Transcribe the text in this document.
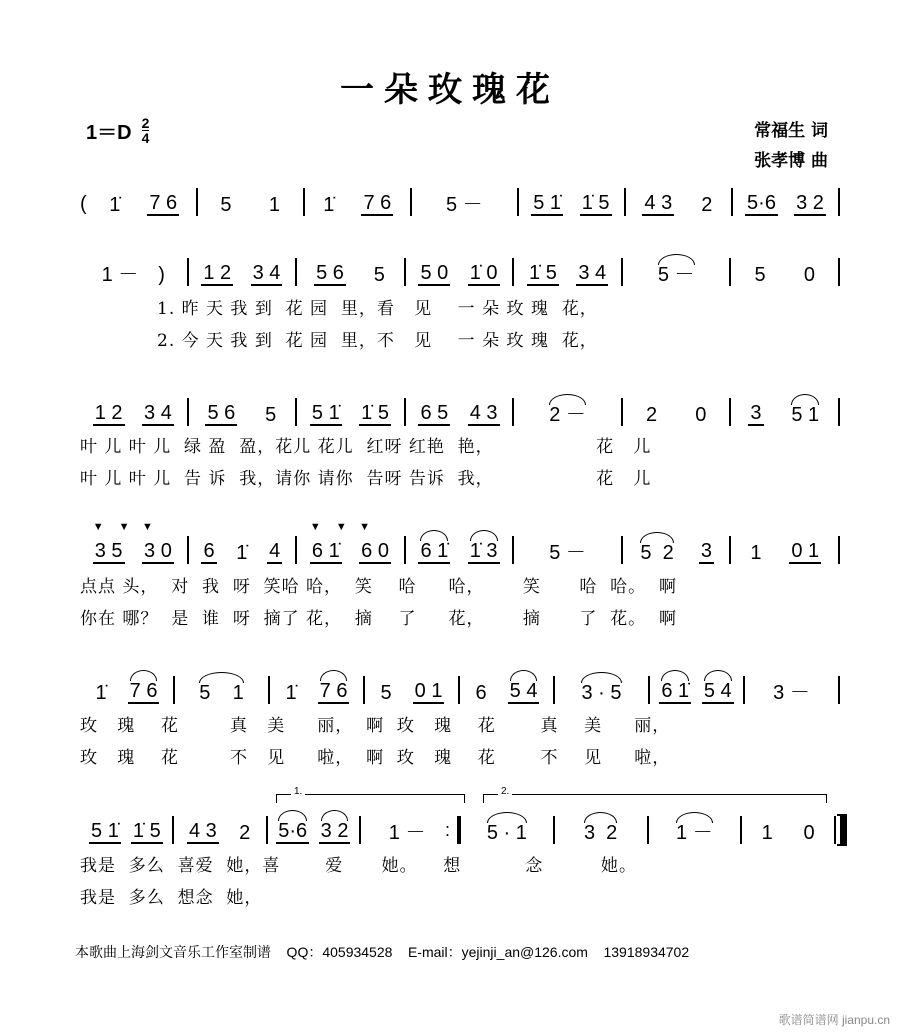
一朵玫瑰花
$1=D \frac{2}{4}$	常福生 词
张孝博 曲
( 1̇ 7 6 5 1 1̇ 7 6	5 －	5 1̇ 1̇ 5 4 3 2 5·6 3 2
1 －　) 1 2 3 4 5 6 5 5 0 1̇ 0 1̇ 5 3 4	5 －	5 0
1 2 3 4 5 6 5 5 1̇ 1̇ 5 6 5 4 3	2 －	2 0 3 5 1
3 5
▼ ▼
3 0
▼
6 1̇ 4 6 1̇
▼ ▼
6 0
▼
6 1̇ 1̇ 3	5 －	5  2 3 1 0 1
1̇ 7 6 5    1 1̇ 7 6 5 0 1 6 5 4 3 · 5 6 1̇ 5 4 3 －
5 1̇ 1̇ 5 4 3 2 5·6 3 2 1 － :	5 · 1	3  2	1 － 1 0
1.	2.
1. 昨 天 我 到  花 园  里，看   见    一 朵 玫 瑰  花，
2. 今 天 我 到  花 园  里，不   见    一 朵 玫 瑰  花，
叶 儿 叶 儿  绿 盈  盈，花儿 花儿  红呀 红艳  艳，                花   儿
叶 儿 叶 儿  告 诉  我，请你 请你  告呀 告诉  我，                花   儿
点点 头，  对  我  呀  笑哈 哈，  笑    哈     哈，      笑      哈  哈。  啊
你在 哪？  是  谁  呀  摘了 花，  摘    了     花，      摘      了  花。  啊
玫   瑰    花        真   美     丽，  啊  玫   瑰    花       真    美     丽，
玫   瑰    花        不   见     啦，  啊  玫   瑰    花       不    见     啦，
我是  多么  喜爱  她，喜       爱      她。    想          念         她。
我是  多么  想念  她，
本歌曲上海剑文音乐工作室制谱    QQ：405934528    E-mail：yejinji_an@126.com    13918934702
歌谱简谱网 jianpu.cn
